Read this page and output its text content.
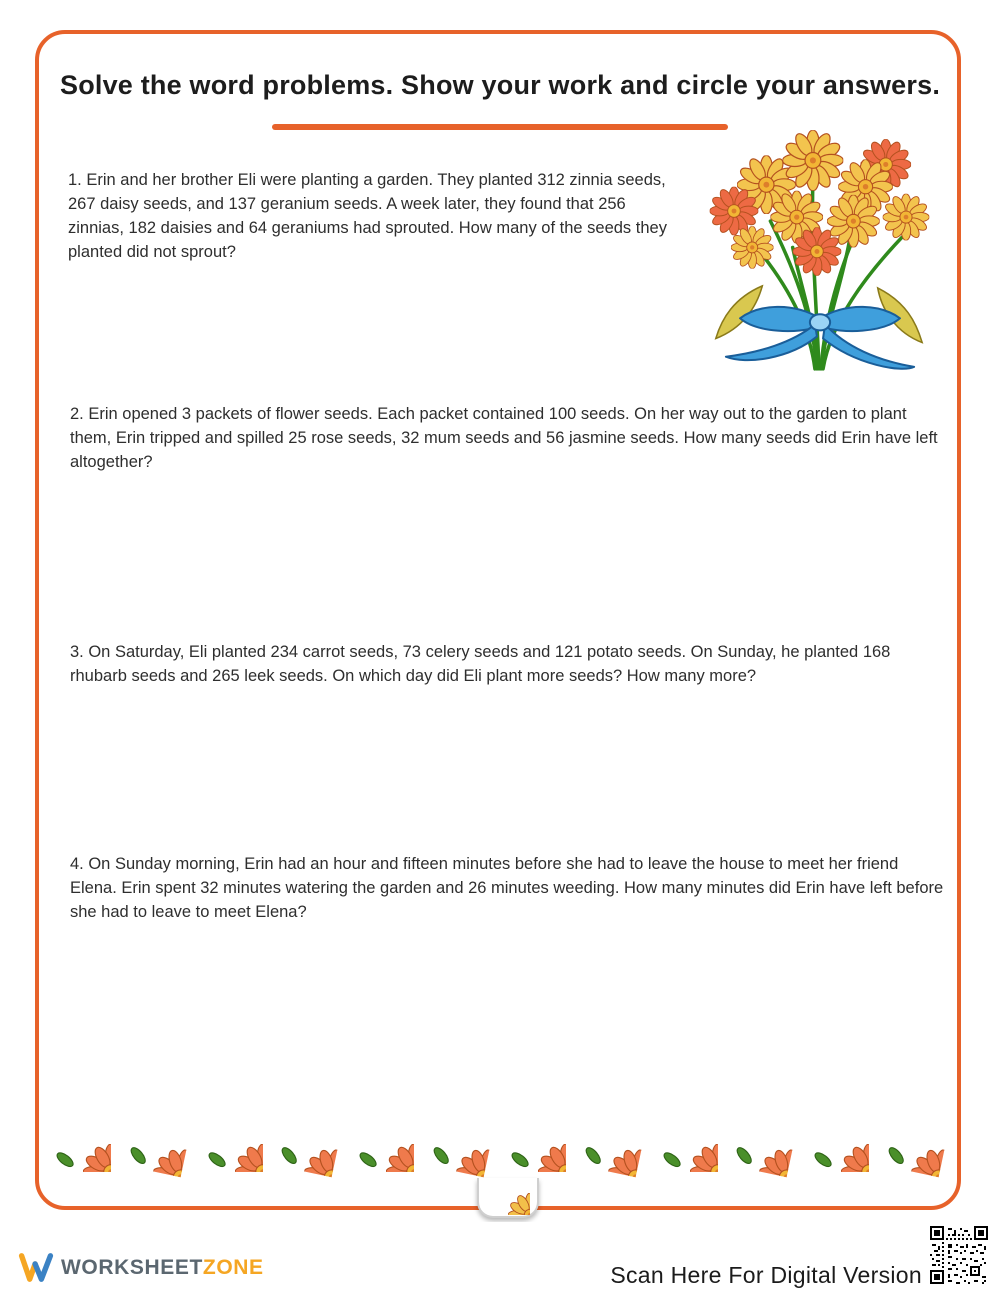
Solve the word problems. Show your work and circle your answers.
1. Erin and her brother Eli were planting a garden. They planted 312 zinnia seeds, 267 daisy seeds, and 137 geranium seeds. A week later, they found that 256 zinnias, 182 daisies and 64 geraniums had sprouted. How many of the seeds they planted did not sprout?
2. Erin opened 3 packets of flower seeds. Each packet contained 100 seeds. On her way out to the garden to plant them, Erin tripped and spilled 25 rose seeds, 32 mum seeds and 56 jasmine seeds. How many seeds did Erin have left altogether?
3. On Saturday, Eli planted 234 carrot seeds, 73 celery seeds and 121 potato seeds. On Sunday, he planted 168 rhubarb seeds and 265 leek seeds. On which day did Eli plant more seeds? How many more?
4. On Sunday morning, Erin had an hour and fifteen minutes before she had to leave the house to meet her friend Elena. Erin spent 32 minutes watering the garden and 26 minutes weeding. How many minutes did Erin have left before she had to leave to meet Elena?
WORKSHEETZONE	Scan Here For Digital Version
